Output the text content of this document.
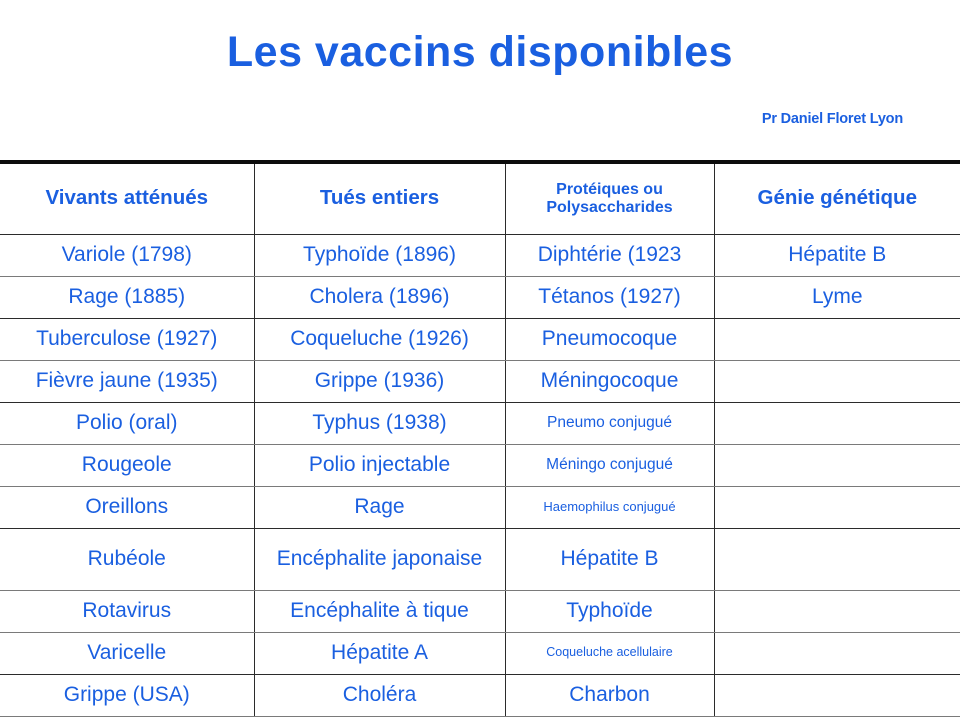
Les vaccins disponibles
Pr Daniel Floret Lyon
Vivants atténués	Tués entiers	Protéiques ou Polysaccharides	Génie génétique
Variole (1798)	Typhoïde (1896)	Diphtérie (1923	Hépatite B
Rage (1885)	Cholera (1896)	Tétanos (1927)	Lyme
Tuberculose (1927)	Coqueluche (1926)	Pneumocoque	
Fièvre jaune (1935)	Grippe (1936)	Méningocoque	
Polio (oral)	Typhus (1938)	Pneumo conjugué	
Rougeole	Polio injectable	Méningo conjugué	
Oreillons	Rage	Haemophilus conjugué	
Rubéole	Encéphalite japonaise	Hépatite B	
Rotavirus	Encéphalite à tique	Typhoïde	
Varicelle	Hépatite A	Coqueluche acellulaire	
Grippe (USA)	Choléra	Charbon	
